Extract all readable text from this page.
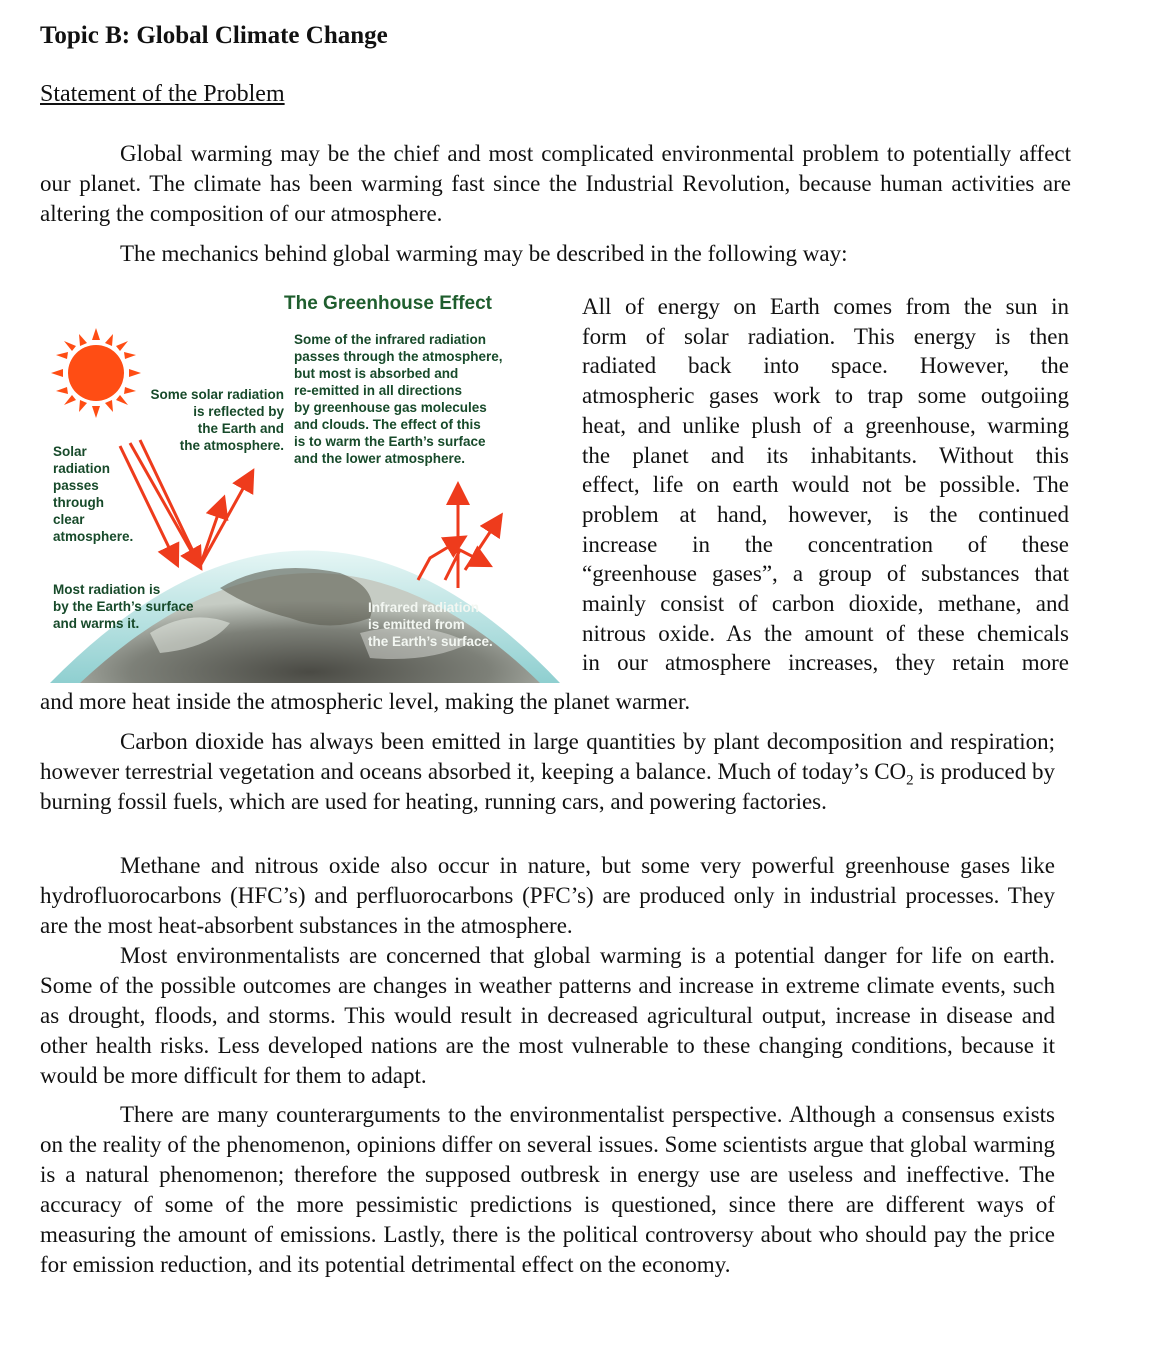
Topic B: Global Climate Change
Statement of the Problem

Global warming may be the chief and most complicated environmental problem to potentially affect our planet. The climate has been warming fast since the Industrial Revolution, because human activities are altering the composition of our atmosphere.

The mechanics behind global warming may be described in the following way:

The Greenhouse Effect
Some of the infrared radiation
passes through the atmosphere,
but most is absorbed and
re-emitted in all directions
by greenhouse gas molecules
and clouds. The effect of this
is to warm the Earth’s surface
and the lower atmosphere.
Some solar radiation
is reflected by
the Earth and
the atmosphere.
Solar
radiation
passes
through
clear
atmosphere.
Most radiation is
by the Earth’s surface
and warms it.
Infrared radiation
is emitted from
the Earth’s surface.
All of energy on Earth comes from the sun in
form of solar radiation. This energy is then
radiated back into space. However, the
atmospheric gases work to trap some outgoiing
heat, and unlike plush of a greenhouse, warming
the planet and its inhabitants. Without this
effect, life on earth would not be possible. The
problem at hand, however, is the continued
increase in the concentration of these
“greenhouse gases”, a group of substances that
mainly consist of carbon dioxide, methane, and
nitrous oxide. As the amount of these chemicals
in our atmosphere increases, they retain more

and more heat inside the atmospheric level, making the planet warmer.

Carbon dioxide has always been emitted in large quantities by plant decomposition and respiration; however terrestrial vegetation and oceans absorbed it, keeping a balance. Much of today’s $CO_2$ is produced by burning fossil fuels, which are used for heating, running cars, and powering factories.

Methane and nitrous oxide also occur in nature, but some very powerful greenhouse gases like hydrofluorocarbons (HFC’s) and perfluorocarbons (PFC’s) are produced only in industrial processes. They are the most heat-absorbent substances in the atmosphere.

Most environmentalists are concerned that global warming is a potential danger for life on earth. Some of the possible outcomes are changes in weather patterns and increase in extreme climate events, such as drought, floods, and storms. This would result in decreased agricultural output, increase in disease and other health risks. Less developed nations are the most vulnerable to these changing conditions, because it would be more difficult for them to adapt.

There are many counterarguments to the environmentalist perspective. Although a consensus exists on the reality of the phenomenon, opinions differ on several issues. Some scientists argue that global warming is a natural phenomenon; therefore the supposed outbresk in energy use are useless and ineffective. The accuracy of some of the more pessimistic predictions is questioned, since there are different ways of measuring the amount of emissions. Lastly, there is the political controversy about who should pay the price for emission reduction, and its potential detrimental effect on the economy.
